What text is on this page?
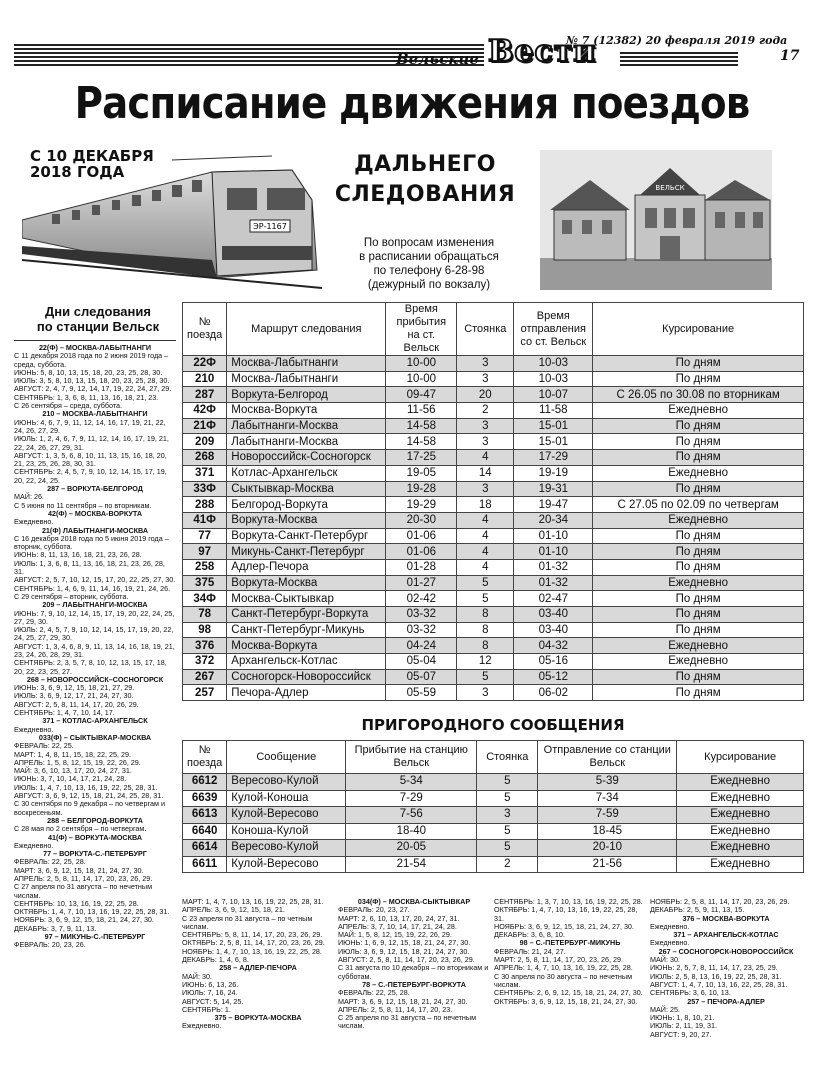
№ 7 (12382) 20 февраля 2019 года
Вельские Вести	17
Расписание движения поездов
С 10 ДЕКАБРЯ
2018 ГОДА
ЭР-1167
ДАЛЬНЕГО
СЛЕДОВАНИЯ
По вопросам изменения
в расписании обращаться
по телефону 6-28-98
(дежурный по вокзалу)
ВЕЛЬСК
Дни следования
по станции Вельск
22(Ф) – МОСКВА-ЛАБЫТНАНГИ
С 11 декабря 2018 года по 2 июня 2019 года – среда, суббота.
ИЮНЬ: 5, 8, 10, 13, 15, 18, 20, 23, 25, 28, 30.
ИЮЛЬ: 3, 5, 8, 10, 13, 15, 18, 20, 23, 25, 28, 30.
АВГУСТ: 2, 4, 7, 9, 12, 14, 17, 19, 22, 24, 27, 29.
СЕНТЯБРЬ: 1, 3, 6, 8, 11, 13, 16, 18, 21, 23.
С 26 сентября – среда, суббота.
210 – МОСКВА-ЛАБЫТНАНГИ
ИЮНЬ: 4, 6, 7, 9, 11, 12, 14, 16, 17, 19, 21, 22, 24, 26, 27, 29.
ИЮЛЬ: 1, 2, 4, 6, 7, 9, 11, 12, 14, 16, 17, 19, 21, 22, 24, 26, 27, 29, 31.
АВГУСТ: 1, 3, 5, 6, 8, 10, 11, 13, 15, 16, 18, 20, 21, 23, 25, 26, 28, 30, 31.
СЕНТЯБРЬ: 2, 4, 5, 7, 9, 10, 12, 14, 15, 17, 19, 20, 22, 24, 25.
287 – ВОРКУТА-БЕЛГОРОД
МАЙ: 26.
С 5 июня по 11 сентября – по вторникам.
42(Ф) – МОСКВА-ВОРКУТА
Ежедневно.
21(Ф) ЛАБЫТНАНГИ-МОСКВА
С 16 декабря 2018 года по 5 июня 2019 года – вторник, суббота.
ИЮНЬ: 8, 11, 13, 16, 18, 21, 23, 26, 28.
ИЮЛЬ: 1, 3, 6, 8, 11, 13, 16, 18, 21, 23, 26, 28, 31.
АВГУСТ: 2, 5, 7, 10, 12, 15, 17, 20, 22, 25, 27, 30.
СЕНТЯБРЬ: 1, 4, 6, 9, 11, 14, 16, 19, 21, 24, 26.
С 29 сентября – вторник, суббота.
209 – ЛАБЫТНАНГИ-МОСКВА
ИЮНЬ: 7, 9, 10, 12, 14, 15, 17, 19, 20, 22, 24, 25, 27, 29, 30.
ИЮЛЬ: 2, 4, 5, 7, 9, 10, 12, 14, 15, 17, 19, 20, 22, 24, 25, 27, 29, 30.
АВГУСТ: 1, 3, 4, 6, 8, 9, 11, 13, 14, 16, 18, 19, 21, 23, 24, 26, 28, 29, 31.
СЕНТЯБРЬ: 2, 3, 5, 7, 8, 10, 12, 13, 15, 17, 18, 20, 22, 23, 25, 27.
268 – НОВОРОССИЙСК–СОСНОГОРСК
ИЮНЬ: 3, 6, 9, 12, 15, 18, 21, 27, 29.
ИЮЛЬ: 3, 6, 9, 12, 17, 21, 24, 27, 30.
АВГУСТ: 2, 5, 8, 11, 14, 17, 20, 26, 29.
СЕНТЯБРЬ: 1, 4, 7, 10, 14, 17.
371 – КОТЛАС-АРХАНГЕЛЬСК
Ежедневно.
033(Ф) – СЫКТЫВКАР-МОСКВА
ФЕВРАЛЬ: 22, 25.
МАРТ: 1, 4, 8, 11, 15, 18, 22, 25, 29.
АПРЕЛЬ: 1, 5, 8, 12, 15, 19, 22, 26, 29.
МАЙ: 3, 6, 10, 13, 17, 20, 24, 27, 31.
ИЮНЬ: 3, 7, 10, 14, 17, 21, 24, 28.
ИЮЛЬ: 1, 4, 7, 10, 13, 16, 19, 22, 25, 28, 31.
АВГУСТ: 3, 6, 9, 12, 15, 18, 21, 24, 25, 28, 31.
С 30 сентября по 9 декабря – по четвергам и воскресеньям.
288 – БЕЛГОРОД-ВОРКУТА
С 28 мая по 2 сентября – по четвергам.
41(Ф) – ВОРКУТА-МОСКВА
Ежедневно.
77 – ВОРКУТА-С.-ПЕТЕРБУРГ
ФЕВРАЛЬ: 22, 25, 28.
МАРТ: 3, 6, 9, 12, 15, 18, 21, 24, 27, 30.
АПРЕЛЬ: 2, 5, 8, 11, 14, 17, 20, 23, 26, 29.
С 27 апреля по 31 августа – по нечетным числам.
СЕНТЯБРЬ: 10, 13, 16, 19, 22, 25, 28.
ОКТЯБРЬ: 1, 4, 7, 10, 13, 16, 19, 22, 25, 28, 31.
НОЯБРЬ: 3, 6, 9, 12, 15, 18, 21, 24, 27, 30.
ДЕКАБРЬ: 3, 7, 9, 11, 13.
97 – МИКУНЬ-С.-ПЕТЕРБУРГ
ФЕВРАЛЬ: 20, 23, 26.
№ поезда	Маршрут следования	Время прибытия на ст. Вельск	Стоянка	Время отправления со ст. Вельск	Курсирование
22Ф	Москва-Лабытнанги	10-00	3	10-03	По дням
210	Москва-Лабытнанги	10-00	3	10-03	По дням
287	Воркута-Белгород	09-47	20	10-07	С 26.05 по 30.08 по вторникам
42Ф	Москва-Воркута	11-56	2	11-58	Ежедневно
21Ф	Лабытнанги-Москва	14-58	3	15-01	По дням
209	Лабытнанги-Москва	14-58	3	15-01	По дням
268	Новороссийск-Сосногорск	17-25	4	17-29	По дням
371	Котлас-Архангельск	19-05	14	19-19	Ежедневно
33Ф	Сыктывкар-Москва	19-28	3	19-31	По дням
288	Белгород-Воркута	19-29	18	19-47	С 27.05 по 02.09 по четвергам
41Ф	Воркута-Москва	20-30	4	20-34	Ежедневно
77	Воркута-Санкт-Петербург	01-06	4	01-10	По дням
97	Микунь-Санкт-Петербург	01-06	4	01-10	По дням
258	Адлер-Печора	01-28	4	01-32	По дням
375	Воркута-Москва	01-27	5	01-32	Ежедневно
34Ф	Москва-Сыктывкар	02-42	5	02-47	По дням
78	Санкт-Петербург-Воркута	03-32	8	03-40	По дням
98	Санкт-Петербург-Микунь	03-32	8	03-40	По дням
376	Москва-Воркута	04-24	8	04-32	Ежедневно
372	Архангельск-Котлас	05-04	12	05-16	Ежедневно
267	Сосногорск-Новороссийск	05-07	5	05-12	По дням
257	Печора-Адлер	05-59	3	06-02	По дням
ПРИГОРОДНОГО СООБЩЕНИЯ
№ поезда	Сообщение	Прибытие на станцию Вельск	Стоянка	Отправление со станции Вельск	Курсирование
6612	Вересово-Кулой	5-34	5	5-39	Ежедневно
6639	Кулой-Коноша	7-29	5	7-34	Ежедневно
6613	Кулой-Вересово	7-56	3	7-59	Ежедневно
6640	Коноша-Кулой	18-40	5	18-45	Ежедневно
6614	Вересово-Кулой	20-05	5	20-10	Ежедневно
6611	Кулой-Вересово	21-54	2	21-56	Ежедневно
МАРТ: 1, 4, 7, 10, 13, 16, 19, 22, 25, 28, 31.
АПРЕЛЬ: 3, 6, 9, 12, 15, 18, 21.
С 23 апреля по 31 августа – по четным числам.
СЕНТЯБРЬ: 5, 8, 11, 14, 17, 20, 23, 26, 29.
ОКТЯБРЬ: 2, 5, 8, 11, 14, 17, 20, 23, 26, 29.
НОЯБРЬ: 1, 4, 7, 10, 13, 16, 19, 22, 25, 28.
ДЕКАБРЬ: 1, 4, 6, 8.
258 – АДЛЕР-ПЕЧОРА
МАЙ: 30.
ИЮНЬ: 6, 13, 26.
ИЮЛЬ: 7, 16, 24.
АВГУСТ: 5, 14, 25.
СЕНТЯБРЬ: 1.
375 – ВОРКУТА-МОСКВА
Ежедневно.
034(Ф) – МОСКВА-СЫКТЫВКАР
ФЕВРАЛЬ: 20, 23, 27.
МАРТ: 2, 6, 10, 13, 17, 20, 24, 27, 31.
АПРЕЛЬ: 3, 7, 10, 14, 17, 21, 24, 28.
МАЙ: 1, 5, 8, 12, 15, 19, 22, 26, 29.
ИЮНЬ: 1, 6, 9, 12, 15, 18, 21, 24, 27, 30.
ИЮЛЬ: 3, 6, 9, 12, 15, 18, 21, 24, 27, 30.
АВГУСТ: 2, 5, 8, 11, 14, 17, 20, 23, 26, 29.
С 31 августа по 10 декабря – по вторникам и субботам.
78 – С.-ПЕТЕРБУРГ-ВОРКУТА
ФЕВРАЛЬ: 22, 25, 28.
МАРТ: 3, 6, 9, 12, 15, 18, 21, 24, 27, 30.
АПРЕЛЬ: 2, 5, 8, 11, 14, 17, 20, 23.
С 25 апреля по 31 августа – по нечетным числам.
СЕНТЯБРЬ: 1, 3, 7, 10, 13, 16, 19, 22, 25, 28.
ОКТЯБРЬ: 1, 4, 7, 10, 13, 16, 19, 22, 25, 28, 31.
НОЯБРЬ: 3, 6, 9, 12, 15, 18, 21, 24, 27, 30.
ДЕКАБРЬ: 3, 6, 8, 10.
98 – С.-ПЕТЕРБУРГ-МИКУНЬ
ФЕВРАЛЬ: 21, 24, 27.
МАРТ: 2, 5, 8, 11, 14, 17, 20, 23, 26, 29.
АПРЕЛЬ: 1, 4, 7, 10, 13, 16, 19, 22, 25, 28.
С 30 апреля по 30 августа – по нечетным числам.
СЕНТЯБРЬ: 2, 6, 9, 12, 15, 18, 21, 24, 27, 30.
ОКТЯБРЬ: 3, 6, 9, 12, 15, 18, 21, 24, 27, 30.
НОЯБРЬ: 2, 5, 8, 11, 14, 17, 20, 23, 26, 29.
ДЕКАБРЬ: 2, 5, 9, 11, 13, 15.
376 – МОСКВА-ВОРКУТА
Ежедневно.
371 – АРХАНГЕЛЬСК-КОТЛАС
Ежедневно.
267 – СОСНОГОРСК-НОВОРОССИЙСК
МАЙ: 30.
ИЮНЬ: 2, 5, 7, 8, 11, 14, 17, 23, 25, 29.
ИЮЛЬ: 2, 5, 8, 13, 16, 19, 22, 25, 28, 31.
АВГУСТ: 1, 4, 7, 10, 13, 16, 22, 25, 28, 31.
СЕНТЯБРЬ: 3, 6, 10, 13.
257 – ПЕЧОРА-АДЛЕР
МАЙ: 25.
ИЮНЬ: 1, 8, 10, 21.
ИЮЛЬ: 2, 11, 19, 31.
АВГУСТ: 9, 20, 27.
